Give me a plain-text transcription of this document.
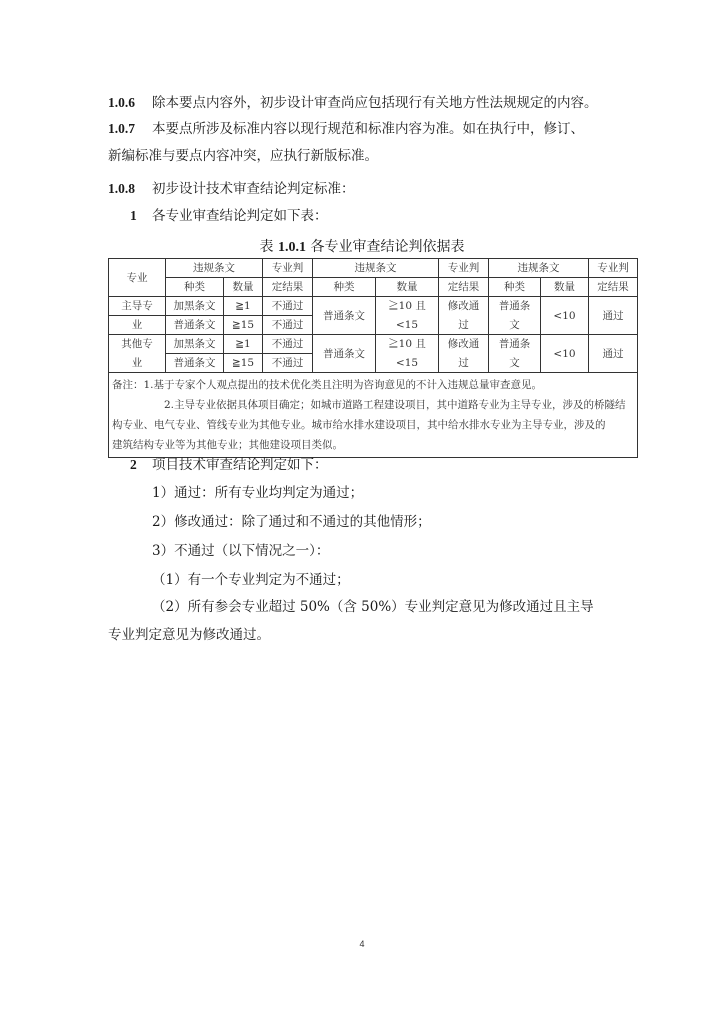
1.0.6 除本要点内容外，初步设计审查尚应包括现行有关地方性法规规定的内容。
1.0.7 本要点所涉及标准内容以现行规范和标准内容为准。如在执行中，修订、
新编标准与要点内容冲突，应执行新版标准。
1.0.8 初步设计技术审查结论判定标准：
1 各专业审查结论判定如下表：
表 1.0.1 各专业审查结论判依据表
专业	违规条文		专业判	违规条文		专业判	违规条文		专业判
	种类	数量	定结果	种类	数量	定结果	种类	数量	定结果
主导专	加黑条文	≧1	不通过	普通条文	≧10 且	修改通	普通条	<10	通过
业	普通条文	≧15	不通过		<15	过	文		
其他专	加黑条文	≧1	不通过	普通条文	≧10 且	修改通	普通条	<10	通过
业	普通条文	≧15	不通过		<15	过	文		

备注：1.基于专家个人观点提出的技术优化类且注明为咨询意见的不计入违规总量审查意见。
2.主导专业依据具体项目确定；如城市道路工程建设项目，其中道路专业为主导专业，涉及的桥隧结
构专业、电气专业、管线专业为其他专业。城市给水排水建设项目，其中给水排水专业为主导专业，涉及的
建筑结构专业等为其他专业；其他建设项目类似。									
2 项目技术审查结论判定如下：
1）通过：所有专业均判定为通过；
2）修改通过：除了通过和不通过的其他情形；
3）不通过（以下情况之一）：
（1）有一个专业判定为不通过；
（2）所有参会专业超过 50%（含 50%）专业判定意见为修改通过且主导
专业判定意见为修改通过。
4
